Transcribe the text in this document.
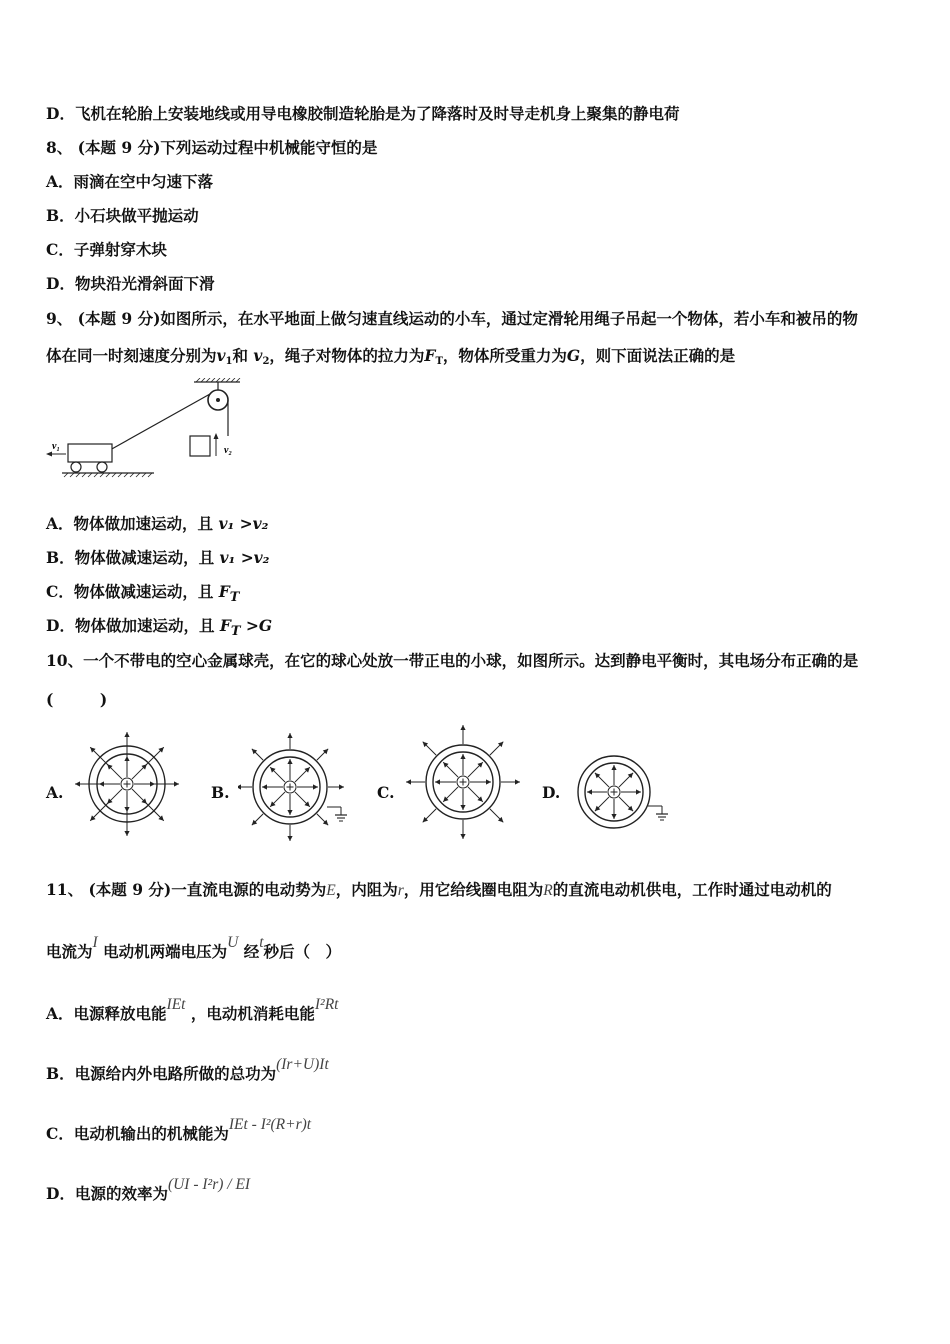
D．飞机在轮胎上安装地线或用导电橡胶制造轮胎是为了降落时及时导走机身上聚集的静电荷
8、 (本题 9 分)下列运动过程中机械能守恒的是
A．雨滴在空中匀速下落
B．小石块做平抛运动
C．子弹射穿木块
D．物块沿光滑斜面下滑
9、 (本题 9 分)如图所示，在水平地面上做匀速直线运动的小车，通过定滑轮用绳子吊起一个物体，若小车和被吊的物
体在同一时刻速度分别为$v_1$和 $v_2$，绳子对物体的拉力为$F_T$，物体所受重力为G，则下面说法正确的是
v₂
v₁
A．物体做加速运动，且 v₁ >v₂
B．物体做减速运动，且 v₁ >v₂
C．物体做减速运动，且 $F_T$
D．物体做加速运动，且 $F_T >G$
10、一个不带电的空心金属球壳，在它的球心处放一带正电的小球，如图所示。达到静电平衡时，其电场分布正确的是
(　　　)
A.	B.	C.	D.
11、 (本题 9 分)一直流电源的电动势为E，内阻为r，用它给线圈电阻为R的直流电动机供电，工作时通过电动机的
电流为I 电动机两端电压为U 经t秒后（　）
A．电源释放电能IEt ，电动机消耗电能I²Rt
B．电源给内外电路所做的总功为(Ir+U)It
C．电动机输出的机械能为IEt - I²(R+r)t
D．电源的效率为(UI - I²r) / EI
